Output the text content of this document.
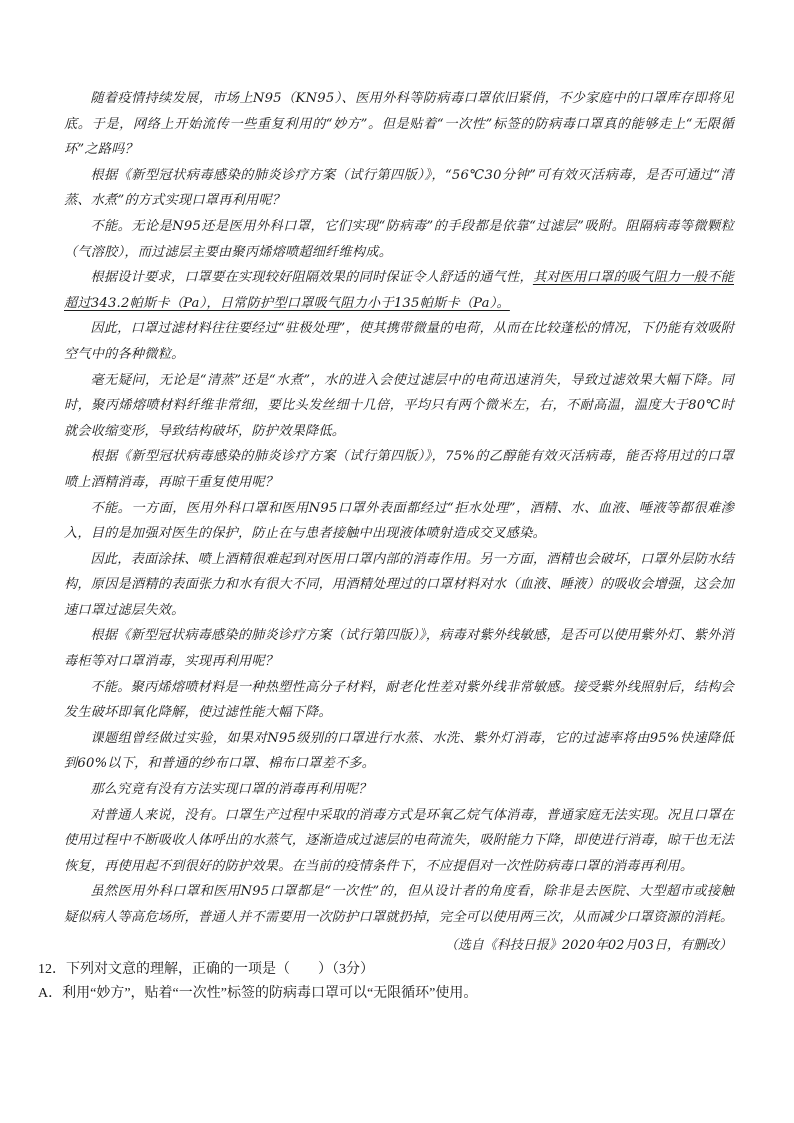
随着疫情持续发展，市场上N95（KN95）、医用外科等防病毒口罩依旧紧俏，不少家庭中的口罩库存即将见底。于是，网络上开始流传一些重复利用的“妙方”。但是贴着“一次性”标签的防病毒口罩真的能够走上“无限循环”之路吗？

根据《新型冠状病毒感染的肺炎诊疗方案（试行第四版）》，“56℃30分钟”可有效灭活病毒，是否可通过“清蒸、水煮”的方式实现口罩再利用呢？

不能。无论是N95还是医用外科口罩，它们实现“防病毒”的手段都是依靠“过滤层”吸附。阻隔病毒等微颗粒（气溶胶），而过滤层主要由聚丙烯熔喷超细纤维构成。

根据设计要求，口罩要在实现较好阻隔效果的同时保证令人舒适的通气性，其对医用口罩的吸气阻力一般不能超过343.2帕斯卡（Pa），日常防护型口罩吸气阻力小于135帕斯卡（Pa）。

因此，口罩过滤材料往往要经过“驻极处理”，使其携带微量的电荷，从而在比较蓬松的情况，下仍能有效吸附空气中的各种微粒。

毫无疑问，无论是“清蒸”还是“水煮”，水的进入会使过滤层中的电荷迅速消失，导致过滤效果大幅下降。同时，聚丙烯熔喷材料纤维非常细，要比头发丝细十几倍，平均只有两个微米左，右，不耐高温，温度大于80℃时就会收缩变形，导致结构破坏，防护效果降低。

根据《新型冠状病毒感染的肺炎诊疗方案（试行第四版）》，75%的乙醇能有效灭活病毒，能否将用过的口罩喷上酒精消毒，再晾干重复使用呢？

不能。一方面，医用外科口罩和医用N95口罩外表面都经过“拒水处理”，酒精、水、血液、唾液等都很难渗入，目的是加强对医生的保护，防止在与患者接触中出现液体喷射造成交叉感染。

因此，表面涂抹、喷上酒精很难起到对医用口罩内部的消毒作用。另一方面，酒精也会破坏，口罩外层防水结构，原因是酒精的表面张力和水有很大不同，用酒精处理过的口罩材料对水（血液、睡液）的吸收会增强，这会加速口罩过滤层失效。

根据《新型冠状病毒感染的肺炎诊疗方案（试行第四版）》，病毒对紫外线敏感，是否可以使用紫外灯、紫外消毒柜等对口罩消毒，实现再利用呢？

不能。聚丙烯熔喷材料是一种热塑性高分子材料，耐老化性差对紫外线非常敏感。接受紫外线照射后，结构会发生破坏即氧化降解，使过滤性能大幅下降。

课题组曾经做过实验，如果对N95级别的口罩进行水蒸、水洗、紫外灯消毒，它的过滤率将由95%快速降低到60%以下，和普通的纱布口罩、棉布口罩差不多。

那么究竟有没有方法实现口罩的消毒再利用呢？

对普通人来说，没有。口罩生产过程中采取的消毒方式是环氧乙烷气体消毒，普通家庭无法实现。况且口罩在使用过程中不断吸收人体呼出的水蒸气，逐渐造成过滤层的电荷流失，吸附能力下降，即使进行消毒，晾干也无法恢复，再使用起不到很好的防护效果。在当前的疫情条件下，不应提倡对一次性防病毒口罩的消毒再利用。

虽然医用外科口罩和医用N95口罩都是“一次性”的，但从设计者的角度看，除非是去医院、大型超市或接触疑似病人等高危场所，普通人并不需要用一次防护口罩就扔掉，完全可以使用两三次，从而减少口罩资源的消耗。

（选自《科技日报》2020年02月03日，有删改）

12．下列对文意的理解，正确的一项是（　　）（3分）

A．利用“妙方”，贴着“一次性”标签的防病毒口罩可以“无限循环”使用。
